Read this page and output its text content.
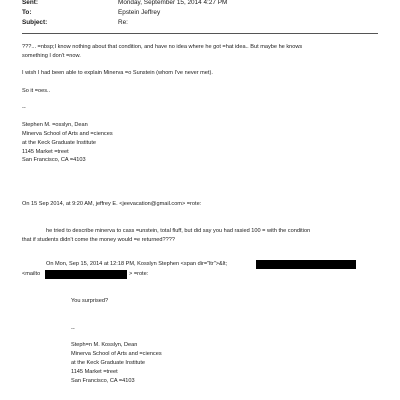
Sent:	Monday, September 15, 2014 4:27 PM
To:	Epstein Jeffrey
Subject:	Re:
???... =nbsp;I know nothing about that condition, and have no idea where he got =hat idea.. But maybe he knows
something I don't =now.
I wish I had been able to explain Minerva =o Sunstein (whom I've never met).
So it =oes..
--
Stephen M. =osslyn, Dean
Minerva School of Arts and =ciences
at the Keck Graduate Institute
1145 Market =treet
San Francisco, CA =4103
On 15 Sep 2014, at 9:20 AM, jeffrey E. <jeevacation@gmail.com> =rote:
he tried to describe minerva to cass =unstein, total fluff, but did say you had rasied 100 = with the condition
that if students didn't come the money would =e returned????
On Mon, Sep 15, 2014 at 12:18 PM, Kosslyn Stephen <span dir="ltr">&lt;
<mailto	> =rote:
You surprised?
--
Steph=n M. Kosslyn, Dean
Minerva School of Arts and =ciences
at the Keck Graduate Institute
1145 Market =treet
San Francisco, CA =4103
